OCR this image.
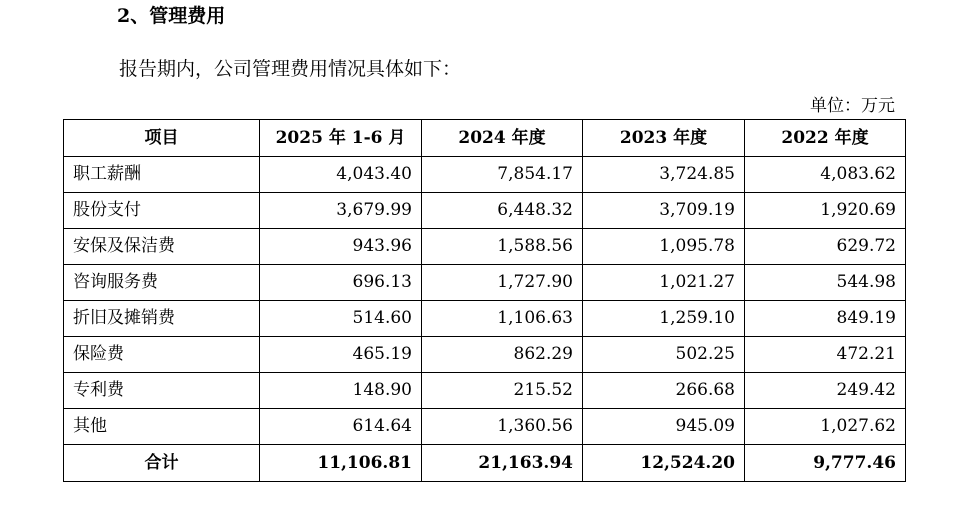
2、管理费用

报告期内，公司管理费用情况具体如下：

单位：万元
项目	2025 年 1-6 月	2024 年度	2023 年度	2022 年度
职工薪酬	4,043.40	7,854.17	3,724.85	4,083.62
股份支付	3,679.99	6,448.32	3,709.19	1,920.69
安保及保洁费	943.96	1,588.56	1,095.78	629.72
咨询服务费	696.13	1,727.90	1,021.27	544.98
折旧及摊销费	514.60	1,106.63	1,259.10	849.19
保险费	465.19	862.29	502.25	472.21
专利费	148.90	215.52	266.68	249.42
其他	614.64	1,360.56	945.09	1,027.62
合计	11,106.81	21,163.94	12,524.20	9,777.46
